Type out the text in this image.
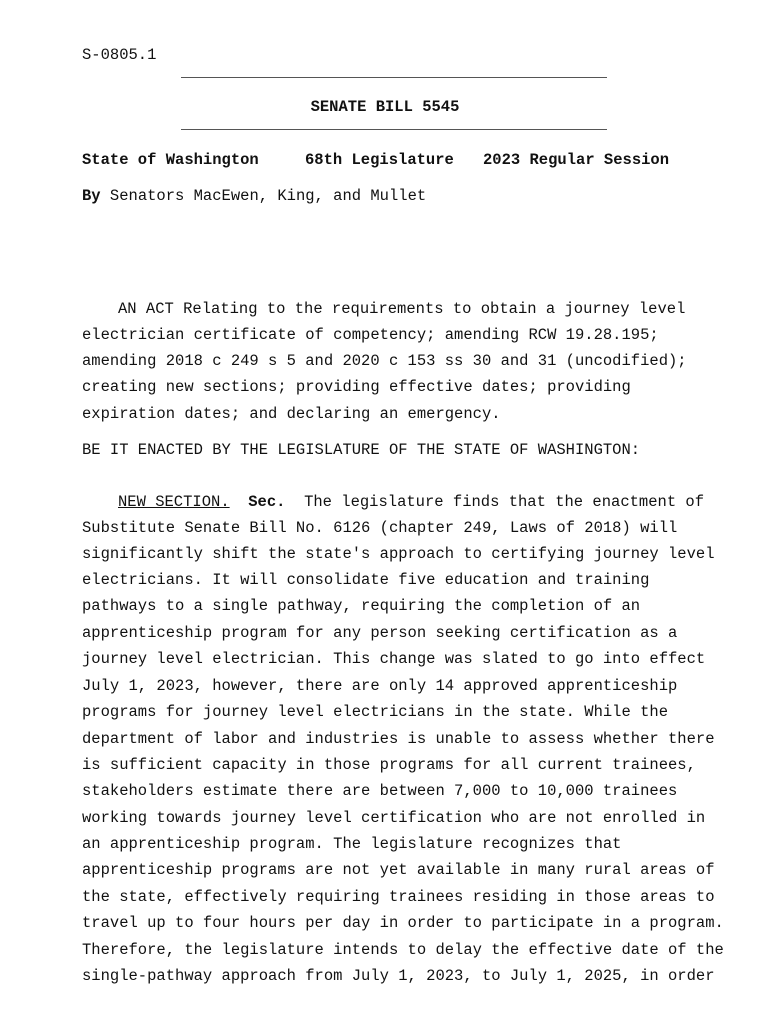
S-0805.1
SENATE BILL 5545
State of Washington	68th Legislature 2023 Regular Session
By Senators MacEwen, King, and Mullet
AN ACT Relating to the requirements to obtain a journey level
electrician certificate of competency; amending RCW 19.28.195;
amending 2018 c 249 s 5 and 2020 c 153 ss 30 and 31 (uncodified);
creating new sections; providing effective dates; providing
expiration dates; and declaring an emergency.
BE IT ENACTED BY THE LEGISLATURE OF THE STATE OF WASHINGTON:
NEW SECTION. Sec. The legislature finds that the enactment of
Substitute Senate Bill No. 6126 (chapter 249, Laws of 2018) will
significantly shift the state's approach to certifying journey level
electricians. It will consolidate five education and training
pathways to a single pathway, requiring the completion of an
apprenticeship program for any person seeking certification as a
journey level electrician. This change was slated to go into effect
July 1, 2023, however, there are only 14 approved apprenticeship
programs for journey level electricians in the state. While the
department of labor and industries is unable to assess whether there
is sufficient capacity in those programs for all current trainees,
stakeholders estimate there are between 7,000 to 10,000 trainees
working towards journey level certification who are not enrolled in
an apprenticeship program. The legislature recognizes that
apprenticeship programs are not yet available in many rural areas of
the state, effectively requiring trainees residing in those areas to
travel up to four hours per day in order to participate in a program.
Therefore, the legislature intends to delay the effective date of the
single-pathway approach from July 1, 2023, to July 1, 2025, in order
